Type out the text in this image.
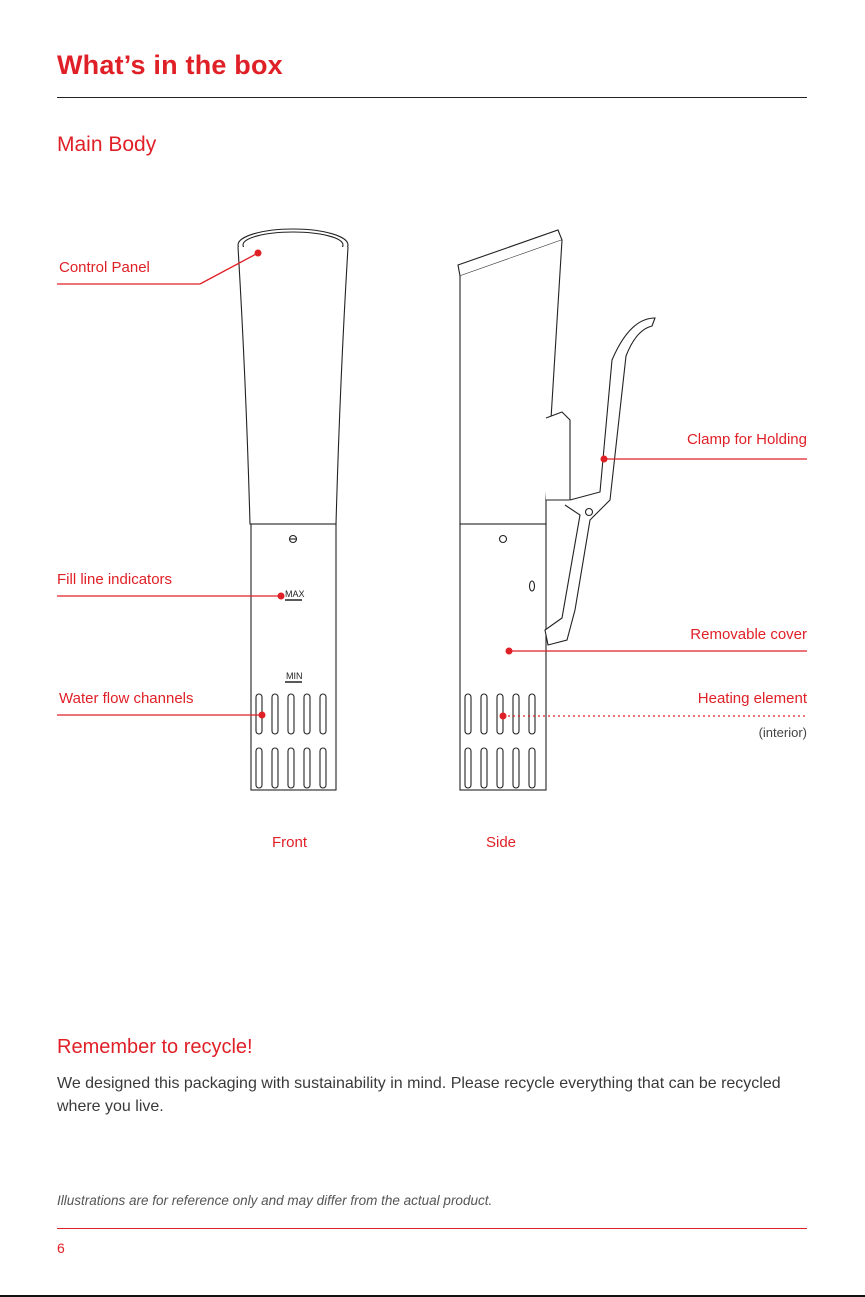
What’s in the box
Main Body
MAX
MIN
Control Panel
Fill line indicators
Water flow channels
Clamp for Holding
Removable cover
Heating element
(interior)
Front	Side
Remember to recycle!
We designed this packaging with sustainability in mind. Please recycle everything that can be recycled where you live.
Illustrations are for reference only and may differ from the actual product.
6
